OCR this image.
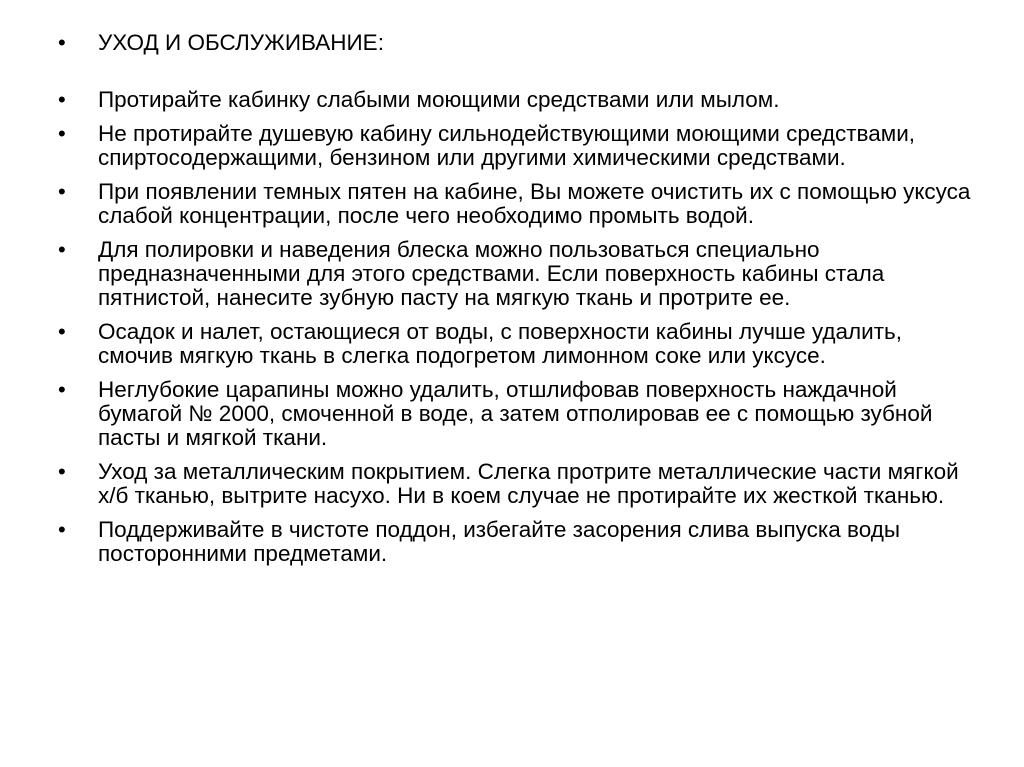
•	УХОД И ОБСЛУЖИВАНИЕ:
•	Протирайте кабинку слабыми моющими средствами или мылом.
•	Не протирайте душевую кабину сильнодействующими моющими средствами, спиртосодержащими, бензином или другими химическими средствами.
•	При появлении темных пятен на кабине, Вы можете очистить их с помощью уксуса слабой концентрации, после чего необходимо промыть водой.
•	Для полировки и наведения блеска можно пользоваться специально предназначенными для этого средствами. Если поверхность кабины стала пятнистой, нанесите зубную пасту на мягкую ткань и протрите ее.
•	Осадок и налет, остающиеся от воды, с поверхности кабины лучше удалить, смочив мягкую ткань в слегка подогретом лимонном соке или уксусе.
•	Неглубокие царапины можно удалить, отшлифовав поверхность наждачной бумагой № 2000, смоченной в воде, а затем отполировав ее с помощью зубной пасты и мягкой ткани.
•	Уход за металлическим покрытием. Слегка протрите металлические части мягкой х/б тканью, вытрите насухо. Ни в коем случае не протирайте их жесткой тканью.
•	Поддерживайте в чистоте поддон, избегайте засорения слива выпуска воды посторонними предметами.
